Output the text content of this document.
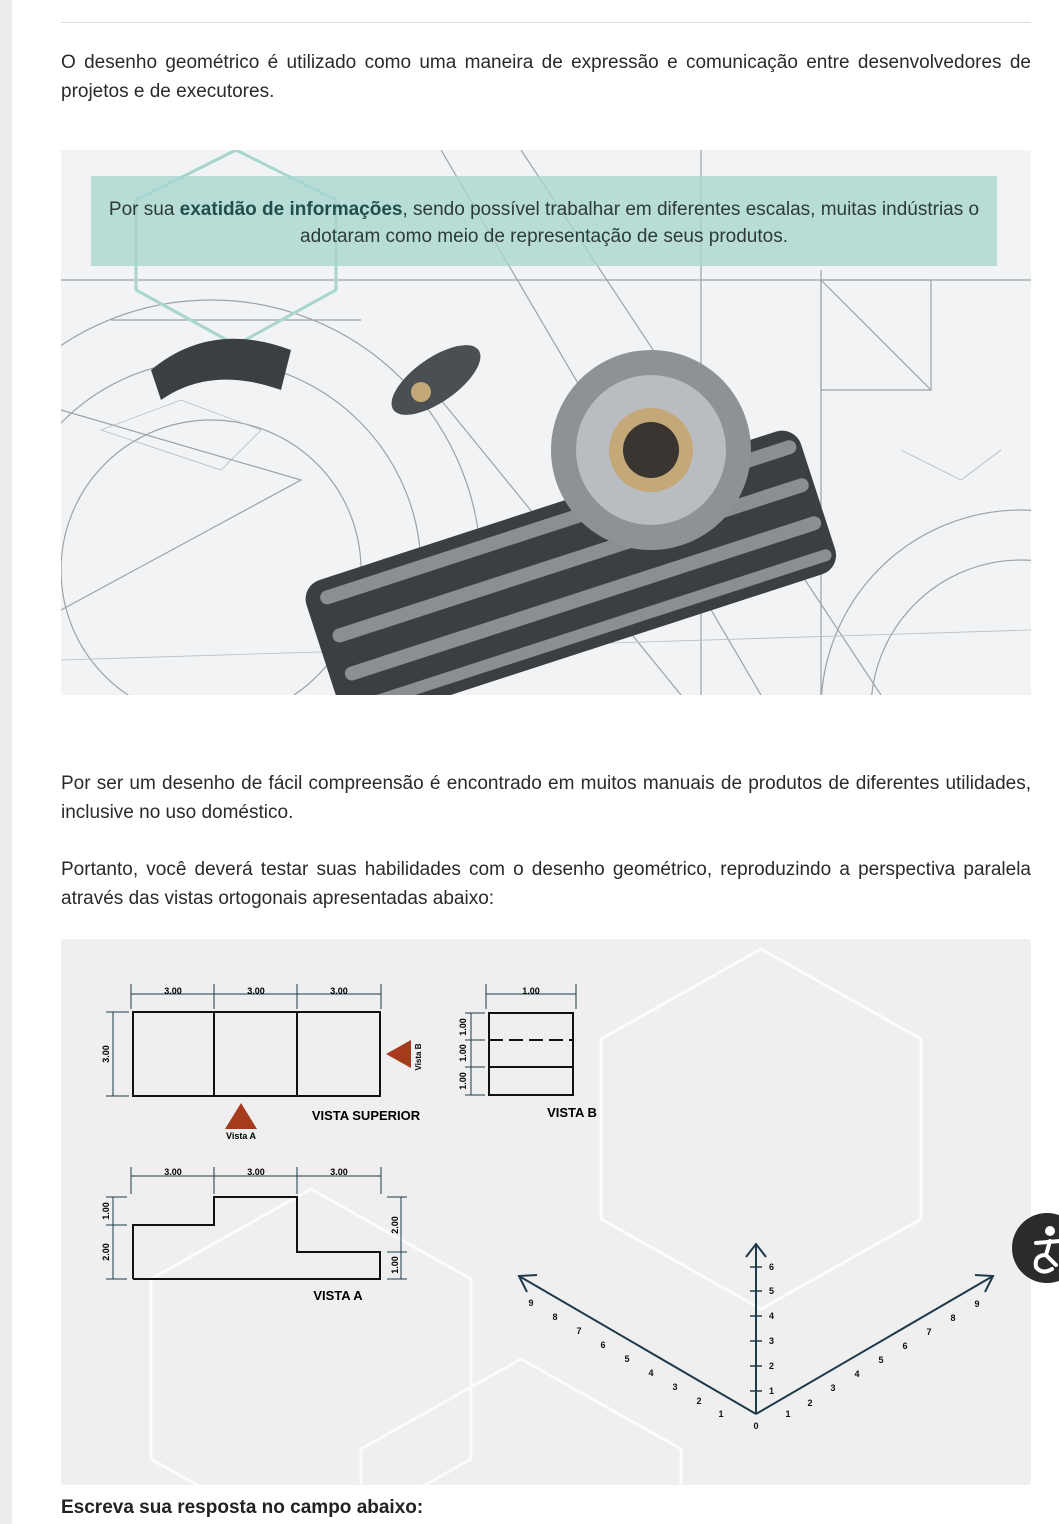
O desenho geométrico é utilizado como uma maneira de expressão e comunicação entre desenvolvedores de projetos e de executores.

Por sua exatidão de informações, sendo possível trabalhar em diferentes escalas, muitas indústrias o adotaram como meio de representação de seus produtos.

Por ser um desenho de fácil compreensão é encontrado em muitos manuais de produtos de diferentes utilidades, inclusive no uso doméstico.

Portanto, você deverá testar suas habilidades com o desenho geométrico, reproduzindo a perspectiva paralela através das vistas ortogonais apresentadas abaixo:

3.00	3.00	3.00
3.00
1.00
1.00
1.00
1.00
Vista B
Vista A
VISTA SUPERIOR	VISTA B
3.00	3.00	3.00
1.00
2.00
2.00
1.00
VISTA A
0
1
2
3
4
5
6
1
2
3
4
5
6
7
8
9
1
2
3
4
5
6
7
8
9
Escreva sua resposta no campo abaixo:
